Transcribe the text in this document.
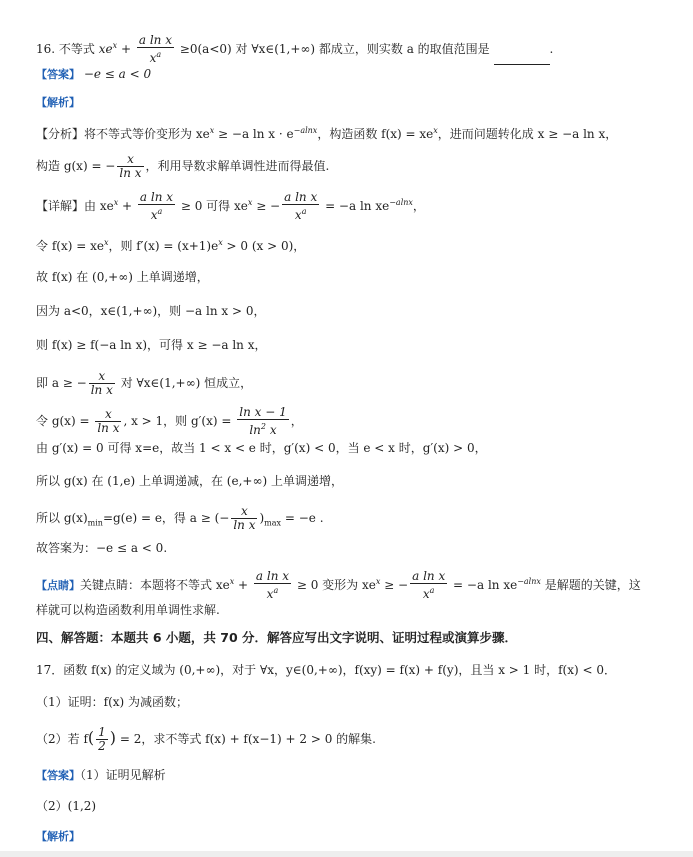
16. 不等式 $xe^x + \frac{\text{a ln x}}{x^a} \ge 0(a<0)$ 对 ∀x∈(1,+∞) 都成立，则实数 a 的取值范围是	.
【答案】 −e ≤ a < 0
【解析】
【分析】将不等式等价变形为 $xe^x \ge -a$ $\ln x \cdot e^{-alnx}$，构造函数 $f(x) = xe^x$，进而问题转化成 x ≥ −a ln x，
构造 g(x) = − $\frac{x}{\text{ln x}}$ ，利用导数求解单调性进而得最值.
【详解】由 $xe^x + \frac{\text{a ln x}}{x^a} \ge 0$ 可得 $xe^x$ ≥ − $\frac{\text{a ln x}}{x^a} = -a$ $\ln xe^{-alnx}$，
令 $f(x) = xe^x$，则 $f'(x) = (x+1)e^x > 0$ (x > 0)，
故 f(x) 在 (0,+∞) 上单调递增，
因为 a<0，x∈(1,+∞)，则 −a ln x > 0，
则 f(x) ≥ f(−a ln x)，可得 x ≥ −a ln x，
即 a ≥ − $\frac{x}{\text{ln x}}$ 对 ∀x∈(1,+∞) 恒成立，
令 $g(x) = \frac{x}{\text{ln x}}$ , x > 1，则 $g'(x) = \frac{\text{ln x − 1}}{\ln^2 x}$ ，
由 g′(x) = 0 可得 x=e，故当 1 < x < e 时，g′(x) < 0，当 e < x 时，g′(x) > 0，
所以 g(x) 在 (1,e) 上单调递减，在 (e,+∞) 上单调递增，
所以 $g(x)_{min}=g(e) = e$，得 a ≥ (− $\frac{x}{\text{ln x}} )_{max} = -e$ .
故答案为：−e ≤ a < 0.
【点睛】关键点睛：本题将不等式 $xe^x + \frac{\text{a ln x}}{x^a} \ge 0$ 变形为 $xe^x$ ≥ − $\frac{\text{a ln x}}{x^a} = -a$ $\ln xe^{-alnx}$ 是解题的关键，这
样就可以构造函数利用单调性求解.
四、解答题：本题共 6 小题，共 70 分．解答应写出文字说明、证明过程或演算步骤．
17．函数 f(x) 的定义域为 (0,+∞)，对于 ∀x，y∈(0,+∞)，f(xy) = f(x) + f(y)，且当 x > 1 时，f(x) < 0．
（1）证明：f(x) 为减函数；
（2）若 $f( \frac{1}{2}$ ) = 2，求不等式 f(x) + f(x−1) + 2 > 0 的解集.
【答案】（1）证明见解析
（2）(1,2)
【解析】
